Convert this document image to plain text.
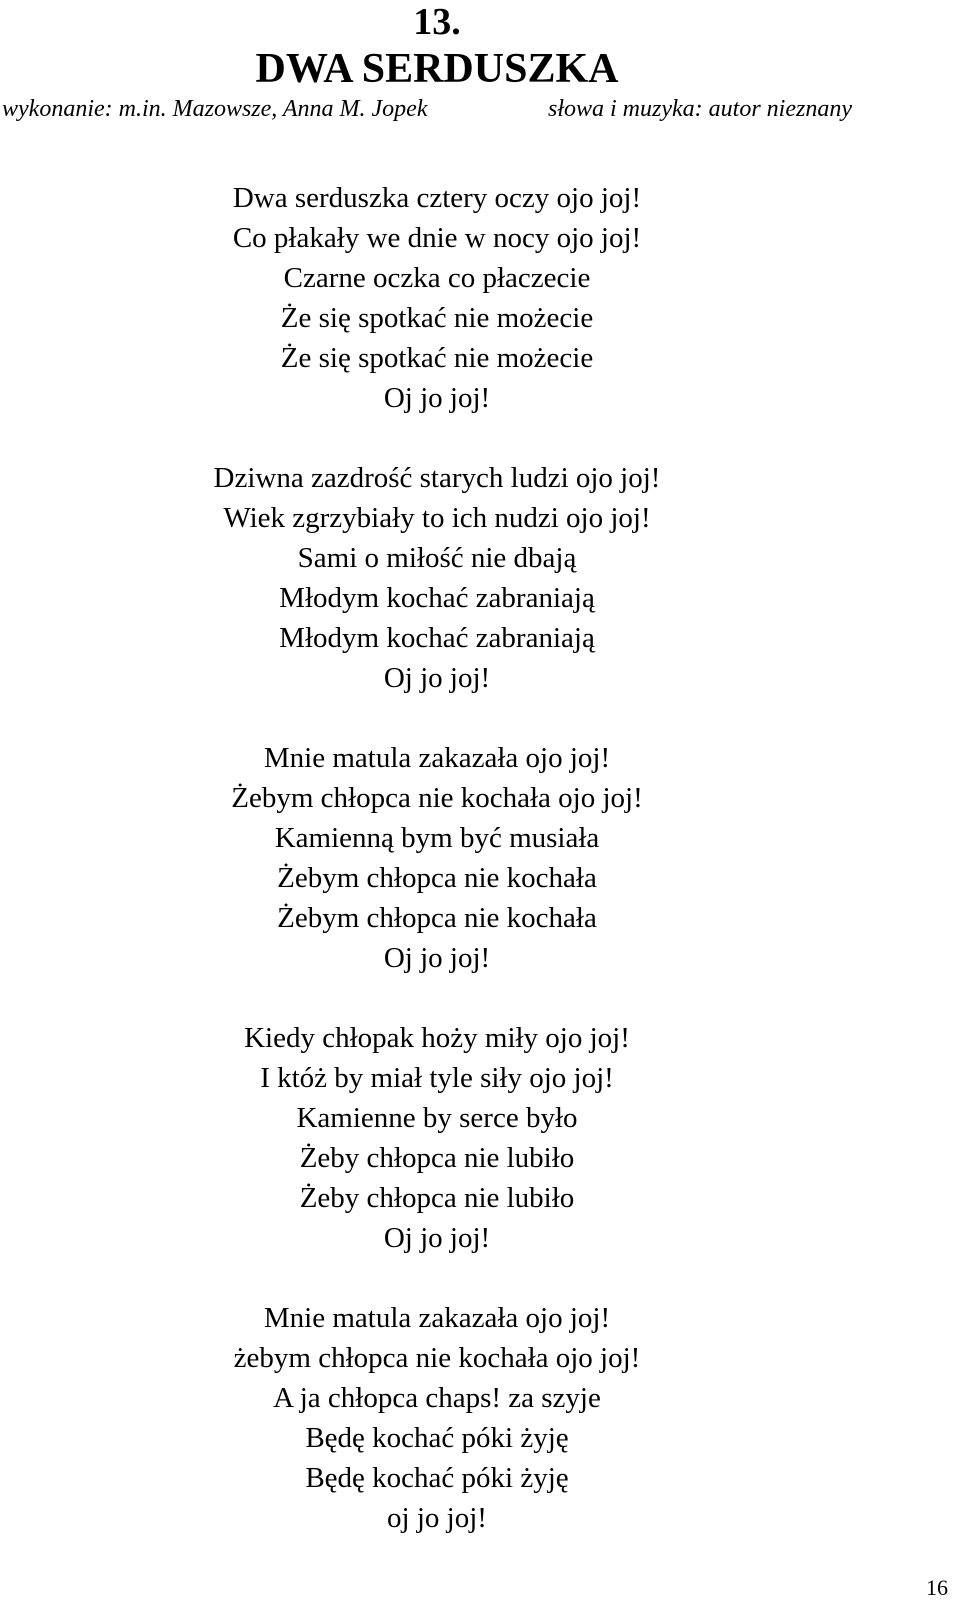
13.
DWA SERDUSZKA
wykonanie: m.in. Mazowsze, Anna M. Jopek	słowa i muzyka: autor nieznany
Dwa serduszka cztery oczy ojo joj!
Co płakały we dnie w nocy ojo joj!
Czarne oczka co płaczecie
Że się spotkać nie możecie
Że się spotkać nie możecie
Oj jo joj!
Dziwna zazdrość starych ludzi ojo joj!
Wiek zgrzybiały to ich nudzi ojo joj!
Sami o miłość nie dbają
Młodym kochać zabraniają
Młodym kochać zabraniają
Oj jo joj!
Mnie matula zakazała ojo joj!
Żebym chłopca nie kochała ojo joj!
Kamienną bym być musiała
Żebym chłopca nie kochała
Żebym chłopca nie kochała
Oj jo joj!
Kiedy chłopak hoży miły ojo joj!
I któż by miał tyle siły ojo joj!
Kamienne by serce było
Żeby chłopca nie lubiło
Żeby chłopca nie lubiło
Oj jo joj!
Mnie matula zakazała ojo joj!
żebym chłopca nie kochała ojo joj!
A ja chłopca chaps! za szyje
Będę kochać póki żyję
Będę kochać póki żyję
oj jo joj!
16
